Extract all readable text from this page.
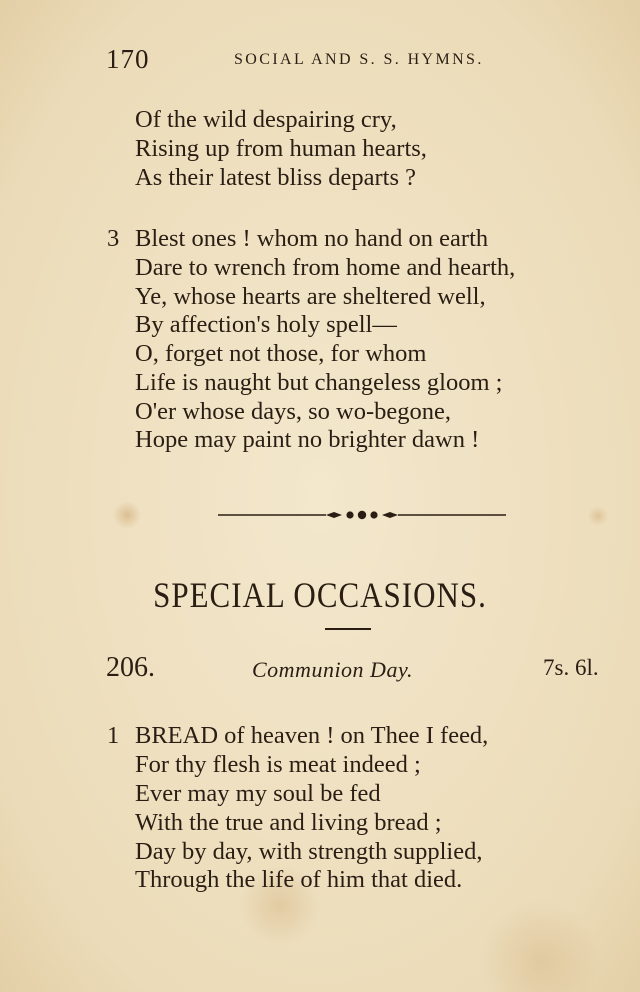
170	SOCIAL AND S. S. HYMNS.
Of the wild despairing cry,
Rising up from human hearts,
As their latest bliss departs ?
3 Blest ones ! whom no hand on earth
Dare to wrench from home and hearth,
Ye, whose hearts are sheltered well,
By affection's holy spell—
O, forget not those, for whom
Life is naught but changeless gloom ;
O'er whose days, so wo-begone,
Hope may paint no brighter dawn !
SPECIAL OCCASIONS.
206.	Communion Day.	7s. 6l.
1 BREAD of heaven ! on Thee I feed,
For thy flesh is meat indeed ;
Ever may my soul be fed
With the true and living bread ;
Day by day, with strength supplied,
Through the life of him that died.
